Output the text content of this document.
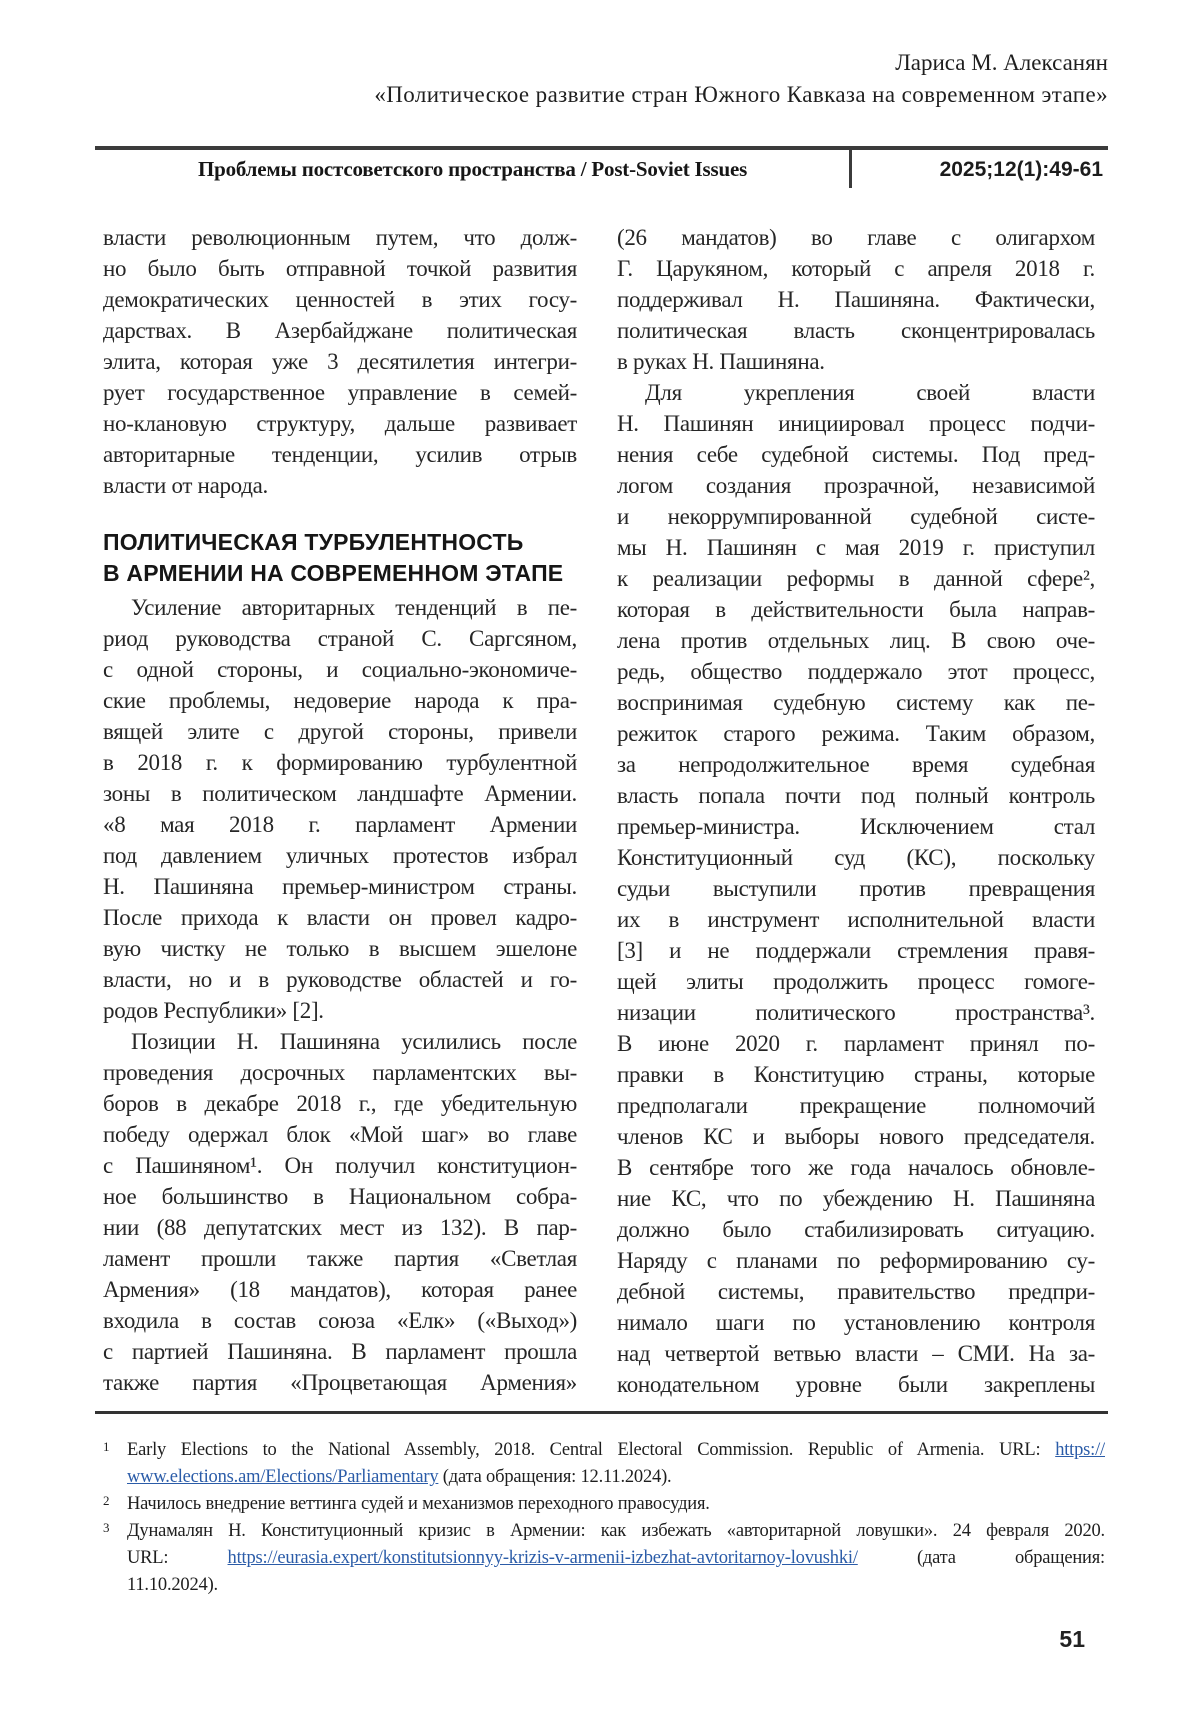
Лариса М. Алексанян
«Политическое развитие стран Южного Кавказа на современном этапе»
Проблемы постсоветского пространства / Post-Soviet Issues	2025;12(1):49-61
власти революционным путем, что долж-
но было быть отправной точкой развития
демократических ценностей в этих госу-
дарствах. В Азербайджане политическая
элита, которая уже 3 десятилетия интегри-
рует государственное управление в семей-
но-клановую структуру, дальше развивает
авторитарные тенденции, усилив отрыв
власти от народа.
ПОЛИТИЧЕСКАЯ ТУРБУЛЕНТНОСТЬ
В АРМЕНИИ НА СОВРЕМЕННОМ ЭТАПЕ
Усиление авторитарных тенденций в пе-
риод руководства страной С. Саргсяном,
с одной стороны, и социально-экономиче-
ские проблемы, недоверие народа к пра-
вящей элите с другой стороны, привели
в 2018 г. к формированию турбулентной
зоны в политическом ландшафте Армении.
«8 мая 2018 г. парламент Армении
под давлением уличных протестов избрал
Н. Пашиняна премьер-министром страны.
После прихода к власти он провел кадро-
вую чистку не только в высшем эшелоне
власти, но и в руководстве областей и го-
родов Республики» [2].
Позиции Н. Пашиняна усилились после
проведения досрочных парламентских вы-
боров в декабре 2018 г., где убедительную
победу одержал блок «Мой шаг» во главе
с Пашиняном¹. Он получил конституцион-
ное большинство в Национальном собра-
нии (88 депутатских мест из 132). В пар-
ламент прошли также партия «Светлая
Армения» (18 мандатов), которая ранее
входила в состав союза «Елк» («Выход»)
с партией Пашиняна. В парламент прошла
также партия «Процветающая Армения»
(26 мандатов) во главе с олигархом
Г. Царукяном, который с апреля 2018 г.
поддерживал Н. Пашиняна. Фактически,
политическая власть сконцентрировалась
в руках Н. Пашиняна.
Для укрепления своей власти
Н. Пашинян инициировал процесс подчи-
нения себе судебной системы. Под пред-
логом создания прозрачной, независимой
и некоррумпированной судебной систе-
мы Н. Пашинян с мая 2019 г. приступил
к реализации реформы в данной сфере²,
которая в действительности была направ-
лена против отдельных лиц. В свою оче-
редь, общество поддержало этот процесс,
воспринимая судебную систему как пе-
режиток старого режима. Таким образом,
за непродолжительное время судебная
власть попала почти под полный контроль
премьер-министра. Исключением стал
Конституционный суд (КС), поскольку
судьи выступили против превращения
их в инструмент исполнительной власти
[3] и не поддержали стремления правя-
щей элиты продолжить процесс гомоге-
низации политического пространства³.
В июне 2020 г. парламент принял по-
правки в Конституцию страны, которые
предполагали прекращение полномочий
членов КС и выборы нового председателя.
В сентябре того же года началось обновле-
ние КС, что по убеждению Н. Пашиняна
должно было стабилизировать ситуацию.
Наряду с планами по реформированию су-
дебной системы, правительство предпри-
нимало шаги по установлению контроля
над четвертой ветвью власти – СМИ. На за-
конодательном уровне были закреплены
1 Early Elections to the National Assembly, 2018. Central Electoral Commission. Republic of Armenia. URL: https://
www.elections.am/Elections/Parliamentary (дата обращения: 12.11.2024).
2 Начилось внедрение веттинга судей и механизмов переходного правосудия.
3 Дунамалян Н. Конституционный кризис в Армении: как избежать «авторитарной ловушки». 24 февраля 2020.
URL: https://eurasia.expert/konstitutsionnyy-krizis-v-armenii-izbezhat-avtoritarnoy-lovushki/ (дата обращения:
11.10.2024).
51
